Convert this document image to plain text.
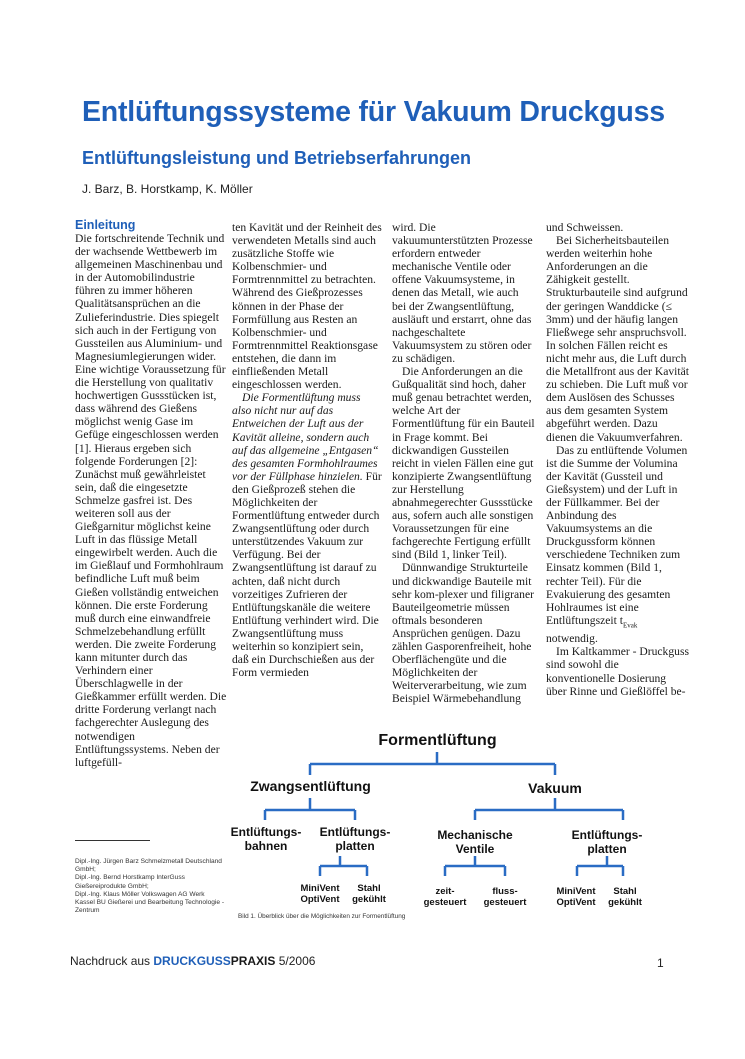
Entlüftungssysteme für Vakuum Druckguss
Entlüftungsleistung und Betriebserfahrungen
J. Barz, B. Horstkamp, K. Möller
Einleitung

Die fortschreitende Technik und der wachsende Wettbewerb im allgemeinen Maschinenbau und in der Automobilindustrie führen zu immer höheren Qualitätsansprüchen an die Zulieferindustrie. Dies spiegelt sich auch in der Fertigung von Gussteilen aus Aluminium- und Magnesiumlegierungen wider. Eine wichtige Voraussetzung für die Herstellung von qualitativ hochwertigen Gussstücken ist, dass während des Gießens möglichst wenig Gase im Gefüge eingeschlossen werden [1]. Hieraus ergeben sich folgende Forderungen [2]: Zunächst muß gewährleistet sein, daß die eingesetzte Schmelze gasfrei ist. Des weiteren soll aus der Gießgarnitur möglichst keine Luft in das flüssige Metall eingewirbelt werden. Auch die im Gießlauf und Formhohlraum befindliche Luft muß beim Gießen vollständig entweichen können. Die erste Forderung muß durch eine einwandfreie Schmelzebehandlung erfüllt werden. Die zweite Forderung kann mitunter durch das Verhindern einer Überschlagwelle in der Gießkammer erfüllt werden. Die dritte Forderung verlangt nach fachgerechter Auslegung des notwendigen Entlüftungssystems. Neben der luftgefüll-

ten Kavität und der Reinheit des verwendeten Metalls sind auch zusätzliche Stoffe wie Kolbenschmier- und Formtrennmittel zu betrachten. Während des Gießprozesses können in der Phase der Formfüllung aus Resten an Kolbenschmier- und Formtrennmittel Reaktionsgase entstehen, die dann im einfließenden Metall eingeschlossen werden.

Die Formentlüftung muss also nicht nur auf das Entweichen der Luft aus der Kavität alleine, sondern auch auf das allgemeine „Entgasen“ des gesamten Formhohlraumes vor der Füllphase hinzielen. Für den Gießprozeß stehen die Möglichkeiten der Formentlüftung entweder durch Zwangsentlüftung oder durch unterstützendes Vakuum zur Verfügung. Bei der Zwangsentlüftung ist darauf zu achten, daß nicht durch vorzeitiges Zufrieren der Entlüftungskanäle die weitere Entlüftung verhindert wird. Die Zwangsentlüftung muss weiterhin so konzipiert sein, daß ein Durchschießen aus der Form vermieden

wird. Die vakuumunterstützten Prozesse erfordern entweder mechanische Ventile oder offene Vakuumsysteme, in denen das Metall, wie auch bei der Zwangsentlüftung, ausläuft und erstarrt, ohne das nachgeschaltete Vakuumsystem zu stören oder zu schädigen.

Die Anforderungen an die Gußqualität sind hoch, daher muß genau betrachtet werden, welche Art der Formentlüftung für ein Bauteil in Frage kommt. Bei dickwandigen Gussteilen reicht in vielen Fällen eine gut konzipierte Zwangsentlüftung zur Herstellung abnahmegerechter Gussstücke aus, sofern auch alle sonstigen Voraussetzungen für eine fachgerechte Fertigung erfüllt sind (Bild 1, linker Teil).

Dünnwandige Strukturteile und dickwandige Bauteile mit sehr kom-plexer und filigraner Bauteilgeometrie müssen oftmals besonderen Ansprüchen genügen. Dazu zählen Gasporenfreiheit, hohe Oberflächengüte und die Möglichkeiten der Weiterverarbeitung, wie zum Beispiel Wärmebehandlung

und Schweissen.

Bei Sicherheitsbauteilen werden weiterhin hohe Anforderungen an die Zähigkeit gestellt. Strukturbauteile sind aufgrund der geringen Wanddicke (≤ 3mm) und der häufig langen Fließwege sehr anspruchsvoll. In solchen Fällen reicht es nicht mehr aus, die Luft durch die Metallfront aus der Kavität zu schieben. Die Luft muß vor dem Auslösen des Schusses aus dem gesamten System abgeführt werden. Dazu dienen die Vakuumverfahren.

Das zu entlüftende Volumen ist die Summe der Volumina der Kavität (Gussteil und Gießsystem) und der Luft in der Füllkammer. Bei der Anbindung des Vakuumsystems an die Druckgussform können verschiedene Techniken zum Einsatz kommen (Bild 1, rechter Teil). Für die Evakuierung des gesamten Hohlraumes ist eine Entlüftungszeit $t_{Evak}$ notwendig.

Im Kaltkammer - Druckguss sind sowohl die konventionelle Dosierung über Rinne und Gießlöffel be-

Dipl.-Ing. Jürgen Barz Schmelzmetall Deutschland GmbH;
Dipl.-Ing. Bernd Horstkamp InterGuss Gießereiprodukte GmbH;
Dipl.-Ing. Klaus Möller Volkswagen AG Werk Kassel BU Gießerei und Bearbeitung Technologie - Zentrum
Formentlüftung
Zwangsentlüftung	Vakuum
Entlüftungs-
bahnen
Entlüftungs-
platten
Mechanische
Ventile
Entlüftungs-
platten
MiniVent
OptiVent
Stahl
gekühlt
zeit-
gesteuert
fluss-
gesteuert
MiniVent
OptiVent
Stahl
gekühlt
Bild 1. Überblick über die Möglichkeiten zur Formentlüftung
Nachdruck aus DRUCKGUSSPRAXIS 5/2006	1
